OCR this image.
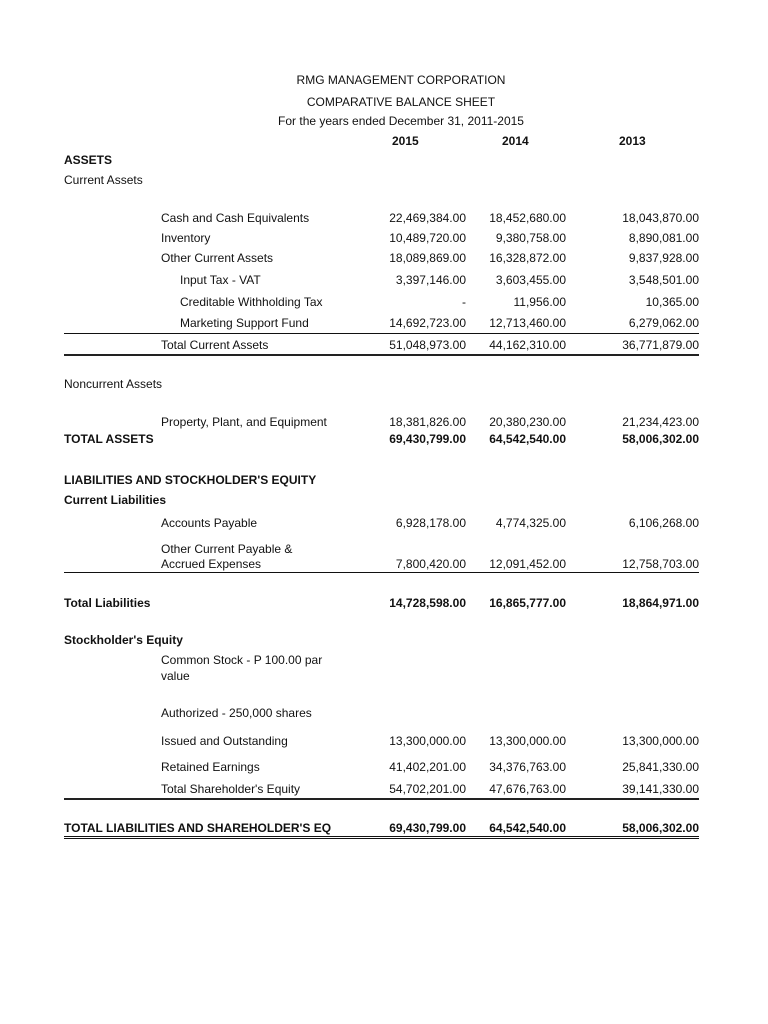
RMG MANAGEMENT CORPORATION
COMPARATIVE BALANCE SHEET
For the years ended December 31, 2011-2015
2015	2014	2013
ASSETS
Current Assets
Cash and Cash Equivalents	22,469,384.00 18,452,680.00	18,043,870.00
Inventory	10,489,720.00 9,380,758.00	8,890,081.00
Other Current Assets	18,089,869.00 16,328,872.00	9,837,928.00
Input Tax - VAT	3,397,146.00 3,603,455.00	3,548,501.00
Creditable Withholding Tax	-	11,956.00	10,365.00
Marketing Support Fund	14,692,723.00 12,713,460.00	6,279,062.00
Total Current Assets	51,048,973.00 44,162,310.00	36,771,879.00
Noncurrent Assets
Property, Plant, and Equipment	18,381,826.00 20,380,230.00	21,234,423.00
TOTAL ASSETS	69,430,799.00 64,542,540.00	58,006,302.00
LIABILITIES AND STOCKHOLDER'S EQUITY
Current Liabilities
Accounts Payable	6,928,178.00 4,774,325.00	6,106,268.00
Other Current Payable &
Accrued Expenses	7,800,420.00 12,091,452.00	12,758,703.00
Total Liabilities	14,728,598.00 16,865,777.00	18,864,971.00
Stockholder's Equity
Common Stock - P 100.00 par
value
Authorized - 250,000 shares
Issued and Outstanding	13,300,000.00 13,300,000.00	13,300,000.00
Retained Earnings	41,402,201.00 34,376,763.00	25,841,330.00
Total Shareholder's Equity	54,702,201.00 47,676,763.00	39,141,330.00
TOTAL LIABILITIES AND SHAREHOLDER'S EQ	69,430,799.00 64,542,540.00	58,006,302.00
